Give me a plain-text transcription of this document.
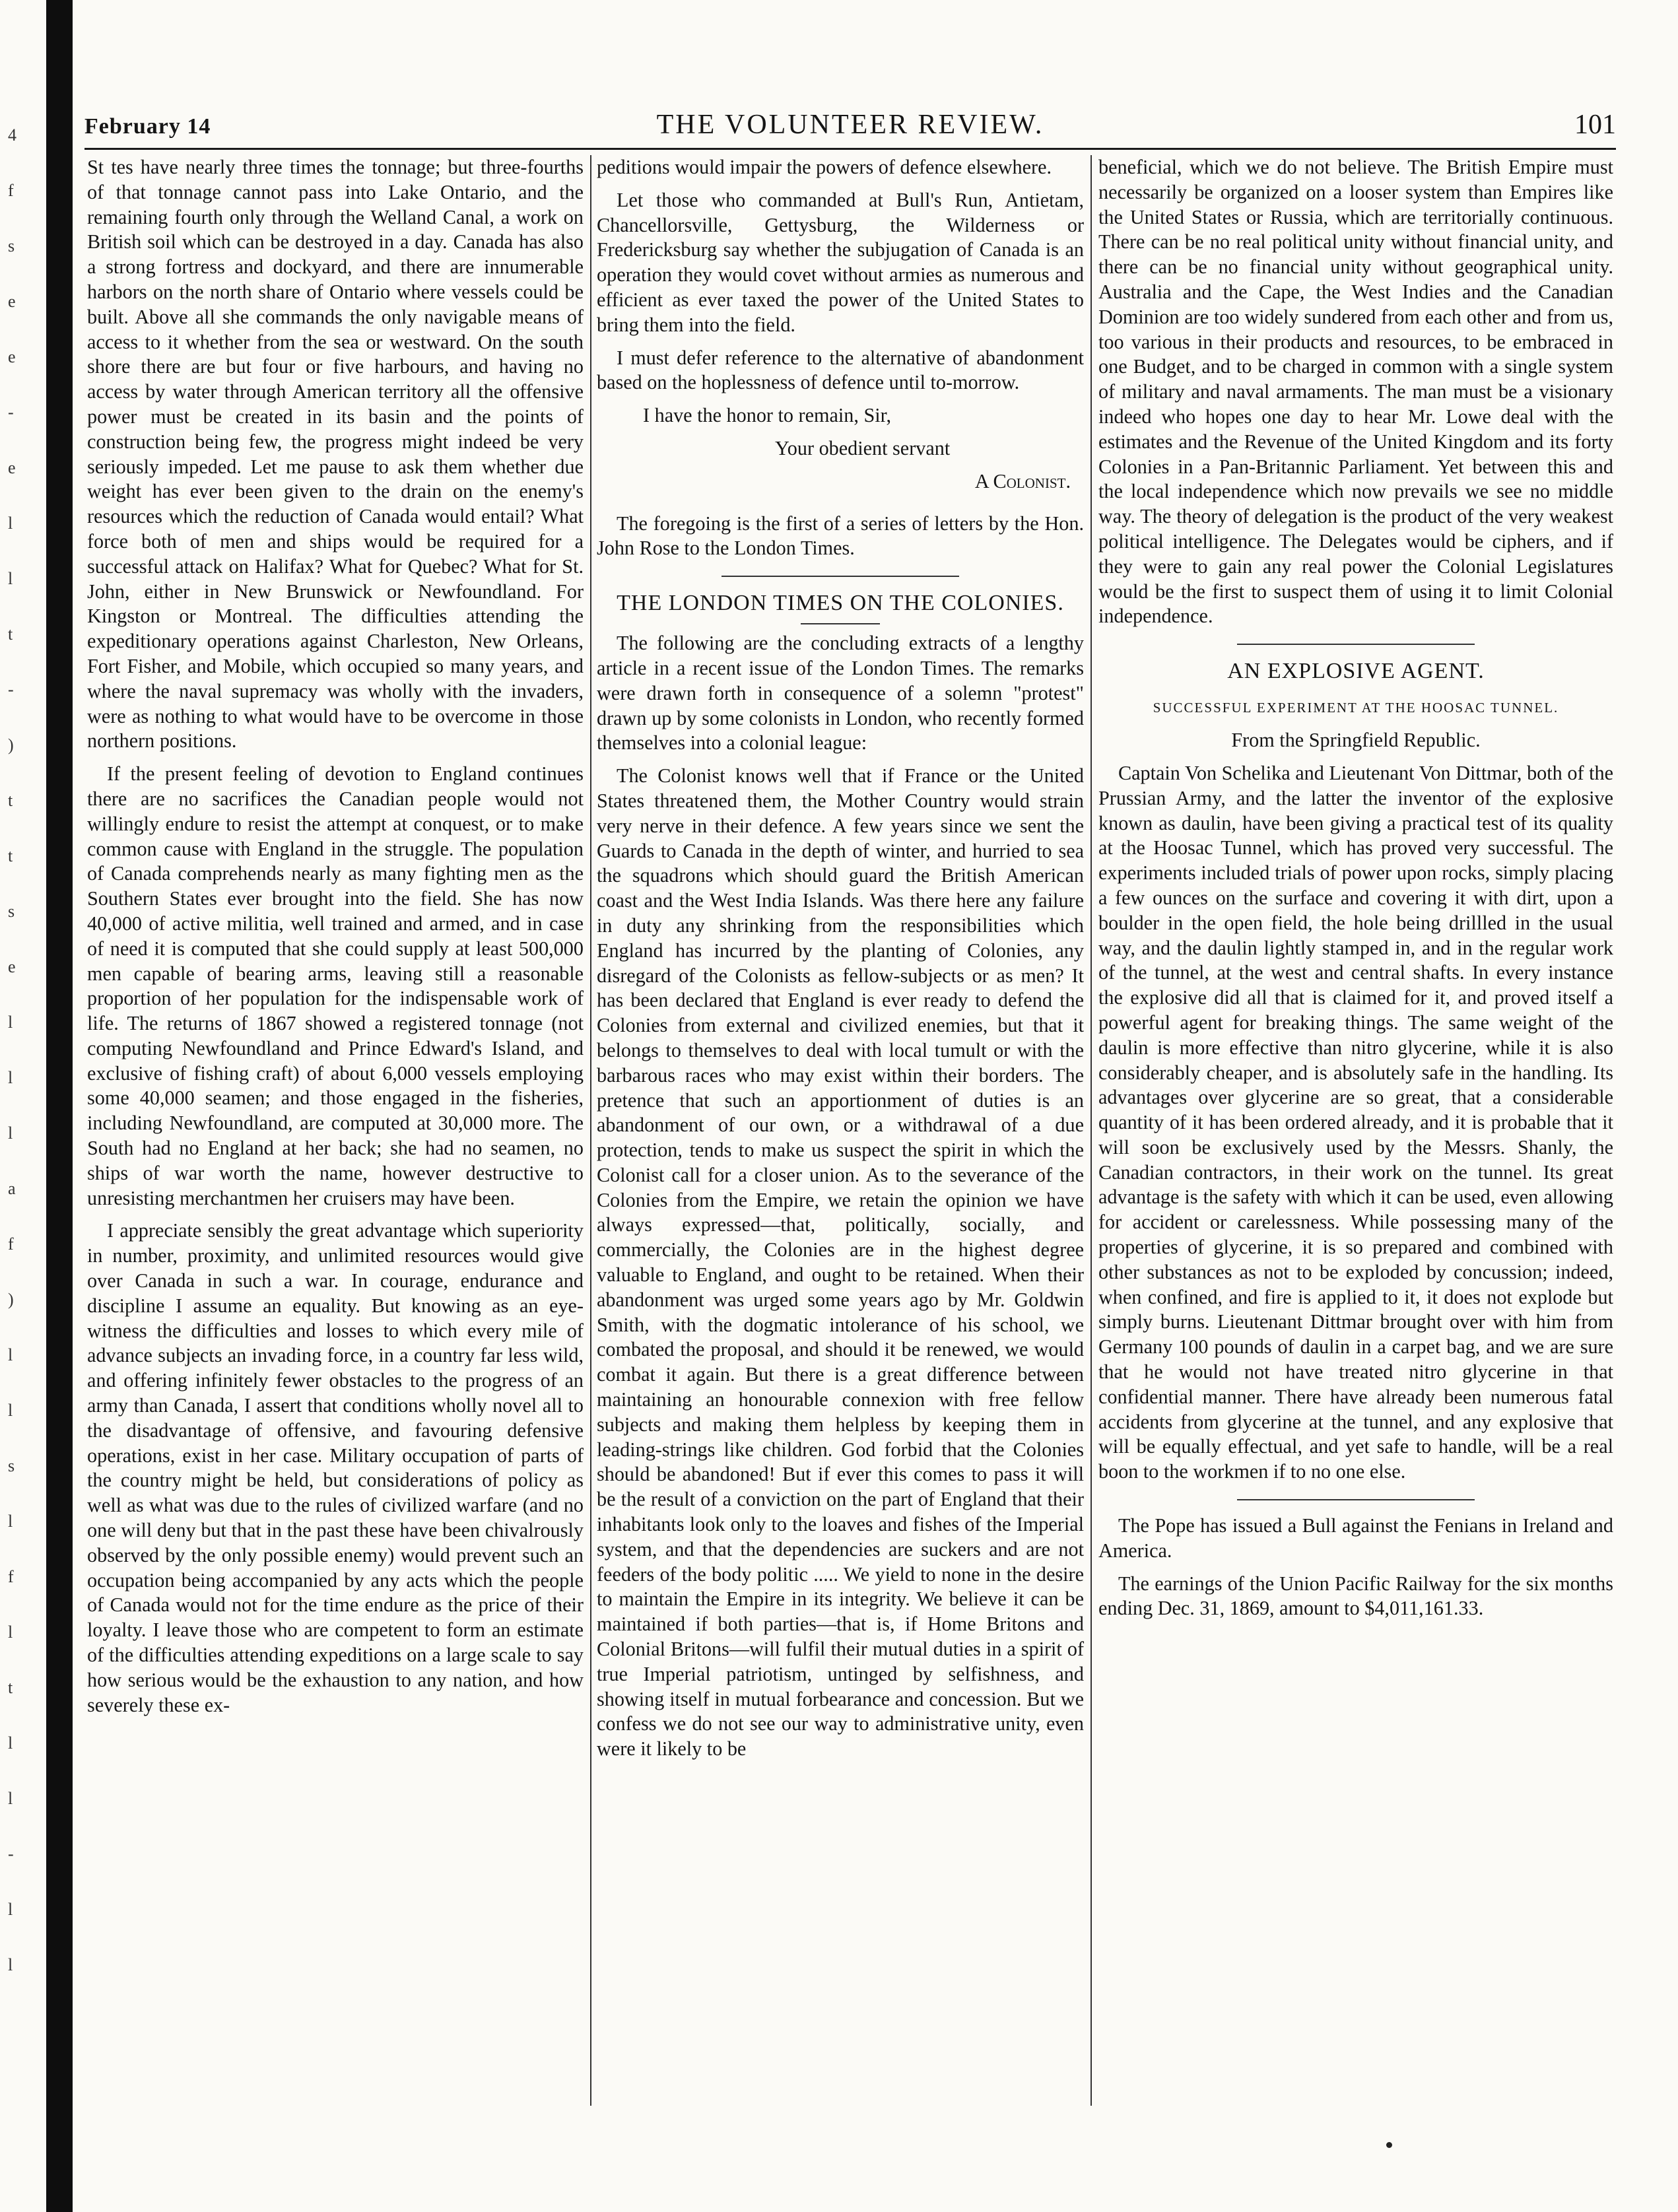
4
f
s
e
e
-
e
l
l
t
-
)
t
t
s
e
l
l
l
a
f
)
l
l
s
l
f
l
t
l
l
-
l
l
February 14	THE VOLUNTEER REVIEW.	101

St tes have nearly three times the tonnage; but three-fourths of that tonnage cannot pass into Lake Ontario, and the remaining fourth only through the Welland Canal, a work on British soil which can be destroyed in a day. Canada has also a strong fortress and dockyard, and there are innumerable harbors on the north share of Ontario where vessels could be built. Above all she commands the only navigable means of access to it whether from the sea or westward. On the south shore there are but four or five harbours, and having no access by water through American territory all the offensive power must be created in its basin and the points of construction being few, the progress might indeed be very seriously impeded. Let me pause to ask them whether due weight has ever been given to the drain on the enemy's resources which the reduction of Canada would entail? What force both of men and ships would be required for a successful attack on Halifax? What for Quebec? What for St. John, either in New Brunswick or Newfoundland. For Kingston or Montreal. The difficulties attending the expeditionary operations against Charleston, New Orleans, Fort Fisher, and Mobile, which occupied so many years, and where the naval supremacy was wholly with the invaders, were as nothing to what would have to be overcome in those northern positions.

If the present feeling of devotion to England continues there are no sacrifices the Canadian people would not willingly endure to resist the attempt at conquest, or to make common cause with England in the struggle. The population of Canada comprehends nearly as many fighting men as the Southern States ever brought into the field. She has now 40,000 of active militia, well trained and armed, and in case of need it is computed that she could supply at least 500,000 men capable of bearing arms, leaving still a reasonable proportion of her population for the indispensable work of life. The returns of 1867 showed a registered tonnage (not computing Newfoundland and Prince Edward's Island, and exclusive of fishing craft) of about 6,000 vessels employing some 40,000 seamen; and those engaged in the fisheries, including Newfoundland, are computed at 30,000 more. The South had no England at her back; she had no seamen, no ships of war worth the name, however destructive to unresisting merchantmen her cruisers may have been.

I appreciate sensibly the great advantage which superiority in number, proximity, and unlimited resources would give over Canada in such a war. In courage, endurance and discipline I assume an equality. But knowing as an eye-witness the difficulties and losses to which every mile of advance subjects an invading force, in a country far less wild, and offering infinitely fewer obstacles to the progress of an army than Canada, I assert that conditions wholly novel all to the disadvantage of offensive, and favouring defensive operations, exist in her case. Military occupation of parts of the country might be held, but considerations of policy as well as what was due to the rules of civilized warfare (and no one will deny but that in the past these have been chivalrously observed by the only possible enemy) would prevent such an occupation being accompanied by any acts which the people of Canada would not for the time endure as the price of their loyalty. I leave those who are competent to form an estimate of the difficulties attending expeditions on a large scale to say how serious would be the exhaustion to any nation, and how severely these ex-

peditions would impair the powers of defence elsewhere.

Let those who commanded at Bull's Run, Antietam, Chancellorsville, Gettysburg, the Wilderness or Fredericksburg say whether the subjugation of Canada is an operation they would covet without armies as numerous and efficient as ever taxed the power of the United States to bring them into the field.

I must defer reference to the alternative of abandonment based on the hoplessness of defence until to-morrow.

I have the honor to remain, Sir,

Your obedient servant

A Colonist.

The foregoing is the first of a series of letters by the Hon. John Rose to the London Times.

THE LONDON TIMES ON THE COLONIES.

The following are the concluding extracts of a lengthy article in a recent issue of the London Times. The remarks were drawn forth in consequence of a solemn "protest" drawn up by some colonists in London, who recently formed themselves into a colonial league:

The Colonist knows well that if France or the United States threatened them, the Mother Country would strain very nerve in their defence. A few years since we sent the Guards to Canada in the depth of winter, and hurried to sea the squadrons which should guard the British American coast and the West India Islands. Was there here any failure in duty any shrinking from the responsibilities which England has incurred by the planting of Colonies, any disregard of the Colonists as fellow-subjects or as men? It has been declared that England is ever ready to defend the Colonies from external and civilized enemies, but that it belongs to themselves to deal with local tumult or with the barbarous races who may exist within their borders. The pretence that such an apportionment of duties is an abandonment of our own, or a withdrawal of a due protection, tends to make us suspect the spirit in which the Colonist call for a closer union. As to the severance of the Colonies from the Empire, we retain the opinion we have always expressed—that, politically, socially, and commercially, the Colonies are in the highest degree valuable to England, and ought to be retained. When their abandonment was urged some years ago by Mr. Goldwin Smith, with the dogmatic intolerance of his school, we combated the proposal, and should it be renewed, we would combat it again. But there is a great difference between maintaining an honourable connexion with free fellow subjects and making them helpless by keeping them in leading-strings like children. God forbid that the Colonies should be abandoned! But if ever this comes to pass it will be the result of a conviction on the part of England that their inhabitants look only to the loaves and fishes of the Imperial system, and that the dependencies are suckers and are not feeders of the body politic ..... We yield to none in the desire to maintain the Empire in its integrity. We believe it can be maintained if both parties—that is, if Home Britons and Colonial Britons—will fulfil their mutual duties in a spirit of true Imperial patriotism, untinged by selfishness, and showing itself in mutual forbearance and concession. But we confess we do not see our way to administrative unity, even were it likely to be

beneficial, which we do not believe. The British Empire must necessarily be organized on a looser system than Empires like the United States or Russia, which are territorially continuous. There can be no real political unity without financial unity, and there can be no financial unity without geographical unity. Australia and the Cape, the West Indies and the Canadian Dominion are too widely sundered from each other and from us, too various in their products and resources, to be embraced in one Budget, and to be charged in common with a single system of military and naval armaments. The man must be a visionary indeed who hopes one day to hear Mr. Lowe deal with the estimates and the Revenue of the United Kingdom and its forty Colonies in a Pan-Britannic Parliament. Yet between this and the local independence which now prevails we see no middle way. The theory of delegation is the product of the very weakest political intelligence. The Delegates would be ciphers, and if they were to gain any real power the Colonial Legislatures would be the first to suspect them of using it to limit Colonial independence.

AN EXPLOSIVE AGENT.
SUCCESSFUL EXPERIMENT AT THE HOOSAC TUNNEL.

From the Springfield Republic.

Captain Von Schelika and Lieutenant Von Dittmar, both of the Prussian Army, and the latter the inventor of the explosive known as daulin, have been giving a practical test of its quality at the Hoosac Tunnel, which has proved very successful. The experiments included trials of power upon rocks, simply placing a few ounces on the surface and covering it with dirt, upon a boulder in the open field, the hole being drillled in the usual way, and the daulin lightly stamped in, and in the regular work of the tunnel, at the west and central shafts. In every instance the explosive did all that is claimed for it, and proved itself a powerful agent for breaking things. The same weight of the daulin is more effective than nitro glycerine, while it is also considerably cheaper, and is absolutely safe in the handling. Its advantages over glycerine are so great, that a considerable quantity of it has been ordered already, and it is probable that it will soon be exclusively used by the Messrs. Shanly, the Canadian contractors, in their work on the tunnel. Its great advantage is the safety with which it can be used, even allowing for accident or carelessness. While possessing many of the properties of glycerine, it is so prepared and combined with other substances as not to be exploded by concussion; indeed, when confined, and fire is applied to it, it does not explode but simply burns. Lieutenant Dittmar brought over with him from Germany 100 pounds of daulin in a carpet bag, and we are sure that he would not have treated nitro glycerine in that confidential manner. There have already been numerous fatal accidents from glycerine at the tunnel, and any explosive that will be equally effectual, and yet safe to handle, will be a real boon to the workmen if to no one else.

The Pope has issued a Bull against the Fenians in Ireland and America.

The earnings of the Union Pacific Railway for the six months ending Dec. 31, 1869, amount to $4,011,161.33.
